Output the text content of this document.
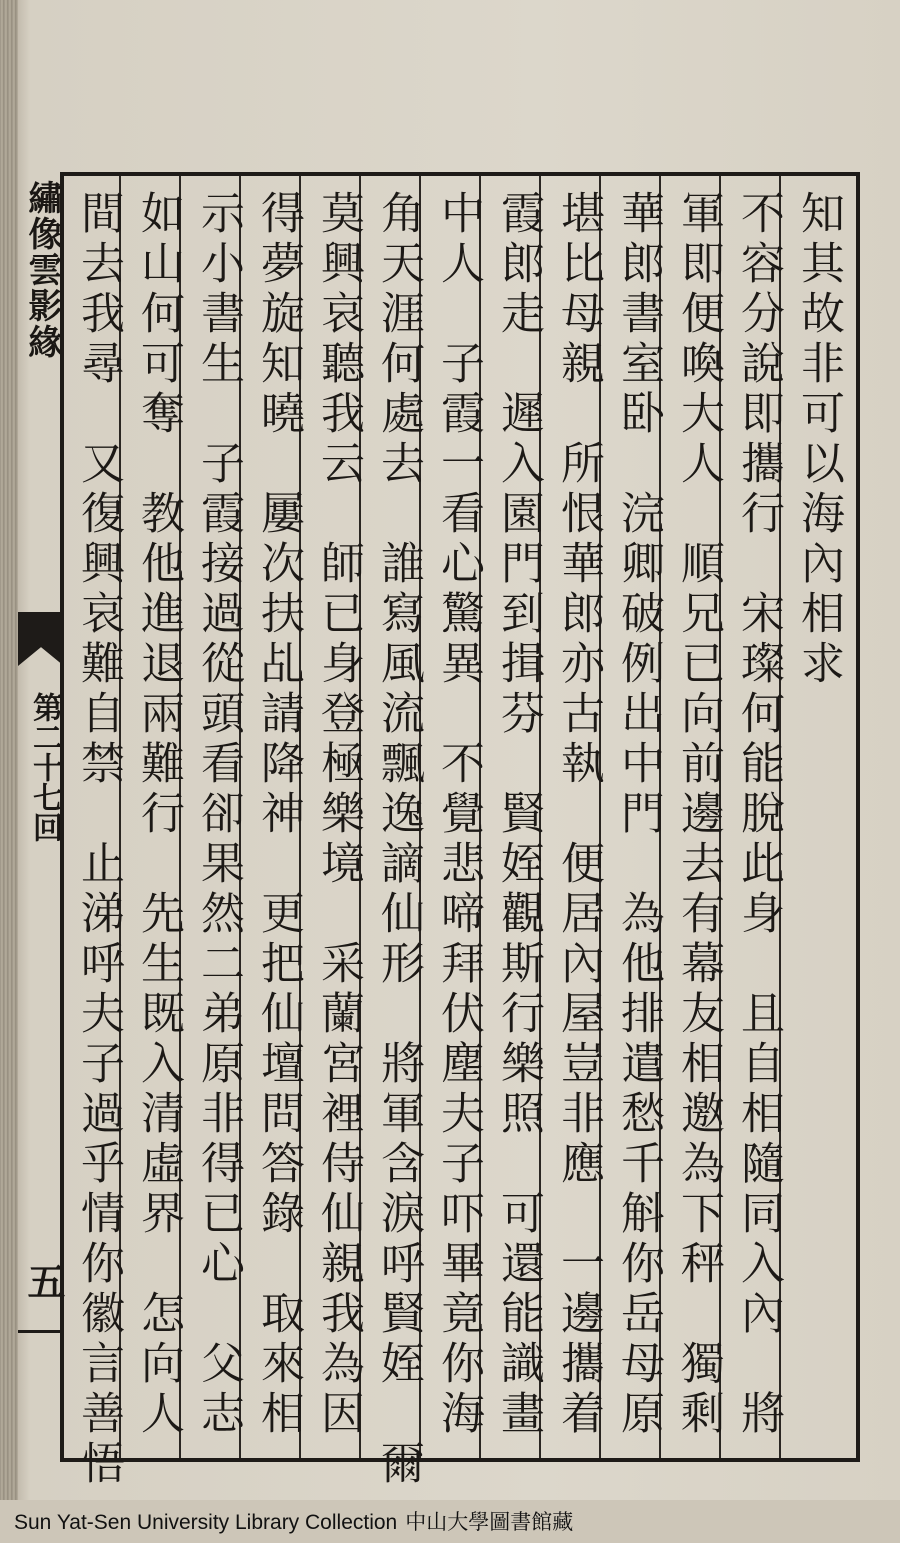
繡像雲影緣
第二十七回
五
知其故非可以海內相求
不容分說即攜行　宋璨何能脫此身　且自相隨同入內　將
軍即便喚大人　順兄已向前邊去有幕友相邀為下秤　獨剩
華郎書室卧　浣卿破例出中門　為他排遣愁千斛你岳母原
堪比母親　所恨華郎亦古執　便居內屋豈非應　一邊攜着
霞郎走　遲入園門到揖芬　賢姪觀斯行樂照　可還能識畫
中人　子霞一看心驚異　不覺悲啼拜伏塵夫子吓畢竟你海
角天涯何處去　誰寫風流飄逸謫仙形　將軍含淚呼賢姪　爾
莫興哀聽我云　師已身登極樂境　采蘭宮裡侍仙親我為因
得夢旋知曉　屢次扶乩請降神　更把仙壇問答錄　取來相
示小書生　子霞接過從頭看卻果然二弟原非得已心　父志
如山何可奪　教他進退兩難行　先生既入清虛界　怎向人
間去我尋　又復興哀難自禁　止涕呼夫子過乎情你徽言善悟
Sun Yat-Sen University Library Collection 中山大學圖書館藏
